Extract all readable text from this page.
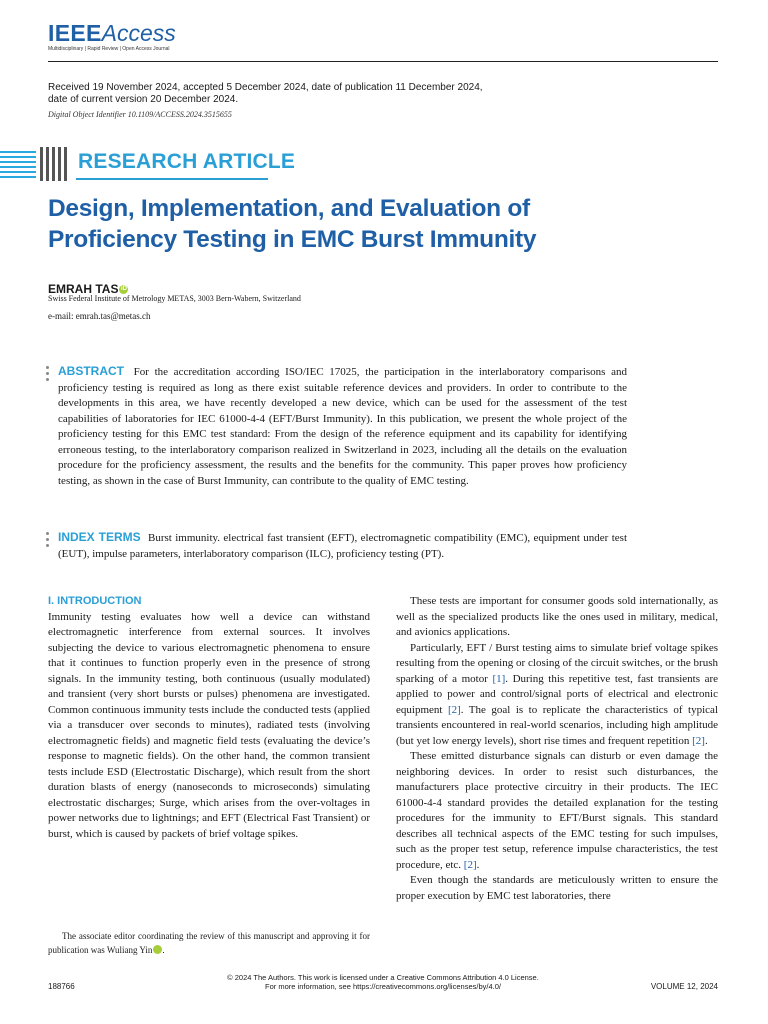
IEEEAccess
Multidisciplinary | Rapid Review | Open Access Journal
Received 19 November 2024, accepted 5 December 2024, date of publication 11 December 2024, date of current version 20 December 2024.
Digital Object Identifier 10.1109/ACCESS.2024.3515655
RESEARCH ARTICLE
Design, Implementation, and Evaluation of Proficiency Testing in EMC Burst Immunity
EMRAH TAS iD
Swiss Federal Institute of Metrology METAS, 3003 Bern-Wabern, Switzerland
e-mail: emrah.tas@metas.ch
ABSTRACT For the accreditation according ISO/IEC 17025, the participation in the interlaboratory comparisons and proficiency testing is required as long as there exist suitable reference devices and providers. In order to contribute to the developments in this area, we have recently developed a new device, which can be used for the assessment of the test capabilities of laboratories for IEC 61000-4-4 (EFT/Burst Immunity). In this publication, we present the whole project of the proficiency testing for this EMC test standard: From the design of the reference equipment and its capability for identifying erroneous testing, to the interlaboratory comparison realized in Switzerland in 2023, including all the details on the evaluation procedure for the proficiency assessment, the results and the benefits for the community. This paper proves how proficiency testing, as shown in the case of Burst Immunity, can contribute to the quality of EMC testing.
INDEX TERMS Burst immunity. electrical fast transient (EFT), electromagnetic compatibility (EMC), equipment under test (EUT), impulse parameters, interlaboratory comparison (ILC), proficiency testing (PT).
I. INTRODUCTION

Immunity testing evaluates how well a device can withstand electromagnetic interference from external sources. It involves subjecting the device to various electromagnetic phenomena to ensure that it continues to function properly even in the presence of strong signals. In the immunity testing, both continuous (usually modulated) and transient (very short bursts or pulses) phenomena are investigated. Common continuous immunity tests include the conducted tests (applied via a transducer over seconds to minutes), radiated tests (involving electromagnetic fields) and magnetic field tests (evaluating the device’s response to magnetic fields). On the other hand, the common transient tests include ESD (Electrostatic Discharge), which result from the short duration blasts of energy (nanoseconds to microseconds) simulating electrostatic discharges; Surge, which arises from the over-voltages in power networks due to lightnings; and EFT (Electrical Fast Transient) or burst, which is caused by packets of brief voltage spikes.

These tests are important for consumer goods sold internationally, as well as the specialized products like the ones used in military, medical, and avionics applications.

Particularly, EFT / Burst testing aims to simulate brief voltage spikes resulting from the opening or closing of the circuit switches, or the brush sparking of a motor [1]. During this repetitive test, fast transients are applied to power and control/signal ports of electrical and electronic equipment [2]. The goal is to replicate the characteristics of typical transients encountered in real-world scenarios, including high amplitude (but yet low energy levels), short rise times and frequent repetition [2].

These emitted disturbance signals can disturb or even damage the neighboring devices. In order to resist such disturbances, the manufacturers place protective circuitry in their products. The IEC 61000-4-4 standard provides the detailed explanation for the testing procedures for the immunity to EFT/Burst signals. This standard describes all technical aspects of the EMC testing for such impulses, such as the proper test setup, reference impulse characteristics, the test procedure, etc. [2].

Even though the standards are meticulously written to ensure the proper execution by EMC test laboratories, there

The associate editor coordinating the review of this manuscript and approving it for publication was Wuliang Yin	iD.
© 2024 The Authors. This work is licensed under a Creative Commons Attribution 4.0 License.
For more information, see https://creativecommons.org/licenses/by/4.0/
188766	VOLUME 12, 2024
